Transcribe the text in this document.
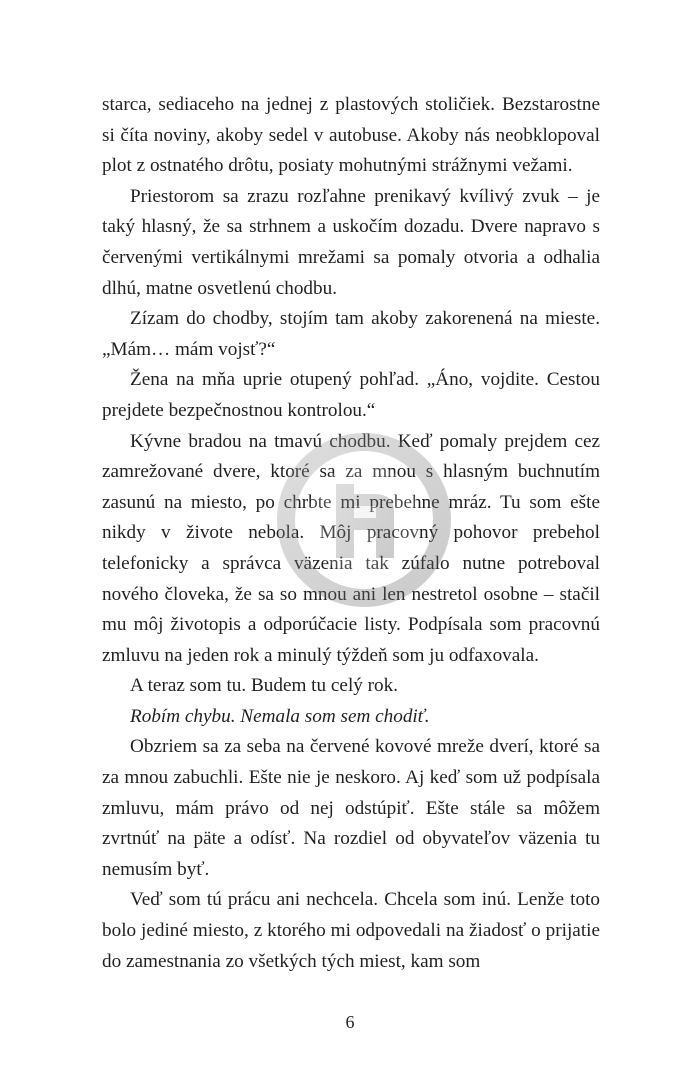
starca, sediaceho na jednej z plastových stoličiek. Bezstarostne si číta noviny, akoby sedel v autobuse. Akoby nás neobklopoval plot z ostnatého drôtu, posiaty mohutnými strážnymi vežami.

Priestorom sa zrazu rozľahne prenikavý kvílivý zvuk – je taký hlasný, že sa strhnem a uskočím dozadu. Dvere napravo s červenými vertikálnymi mrežami sa pomaly otvoria a odhalia dlhú, matne osvetlenú chodbu.

Zízam do chodby, stojím tam akoby zakorenená na mieste. „Mám… mám vojsť?“

Žena na mňa uprie otupený pohľad. „Áno, vojdite. Cestou prejdete bezpečnostnou kontrolou.“

Kývne bradou na tmavú chodbu. Keď pomaly prejdem cez zamrežované dvere, ktoré sa za mnou s hlasným buchnutím zasunú na miesto, po chrbte mi prebehne mráz. Tu som ešte nikdy v živote nebola. Môj pracovný pohovor prebehol telefonicky a správca väzenia tak zúfalo nutne potreboval nového človeka, že sa so mnou ani len nestretol osobne – stačil mu môj životopis a odporúčacie listy. Podpísala som pracovnú zmluvu na jeden rok a minulý týždeň som ju odfaxovala.

A teraz som tu. Budem tu celý rok.

Robím chybu. Nemala som sem chodiť.

Obzriem sa za seba na červené kovové mreže dverí, ktoré sa za mnou zabuchli. Ešte nie je neskoro. Aj keď som už podpísala zmluvu, mám právo od nej odstúpiť. Ešte stále sa môžem zvrtnúť na päte a odísť. Na rozdiel od obyvateľov väzenia tu nemusím byť.

Veď som tú prácu ani nechcela. Chcela som inú. Lenže toto bolo jediné miesto, z ktorého mi odpovedali na žiadosť o prijatie do zamestnania zo všetkých tých miest, kam som

6
